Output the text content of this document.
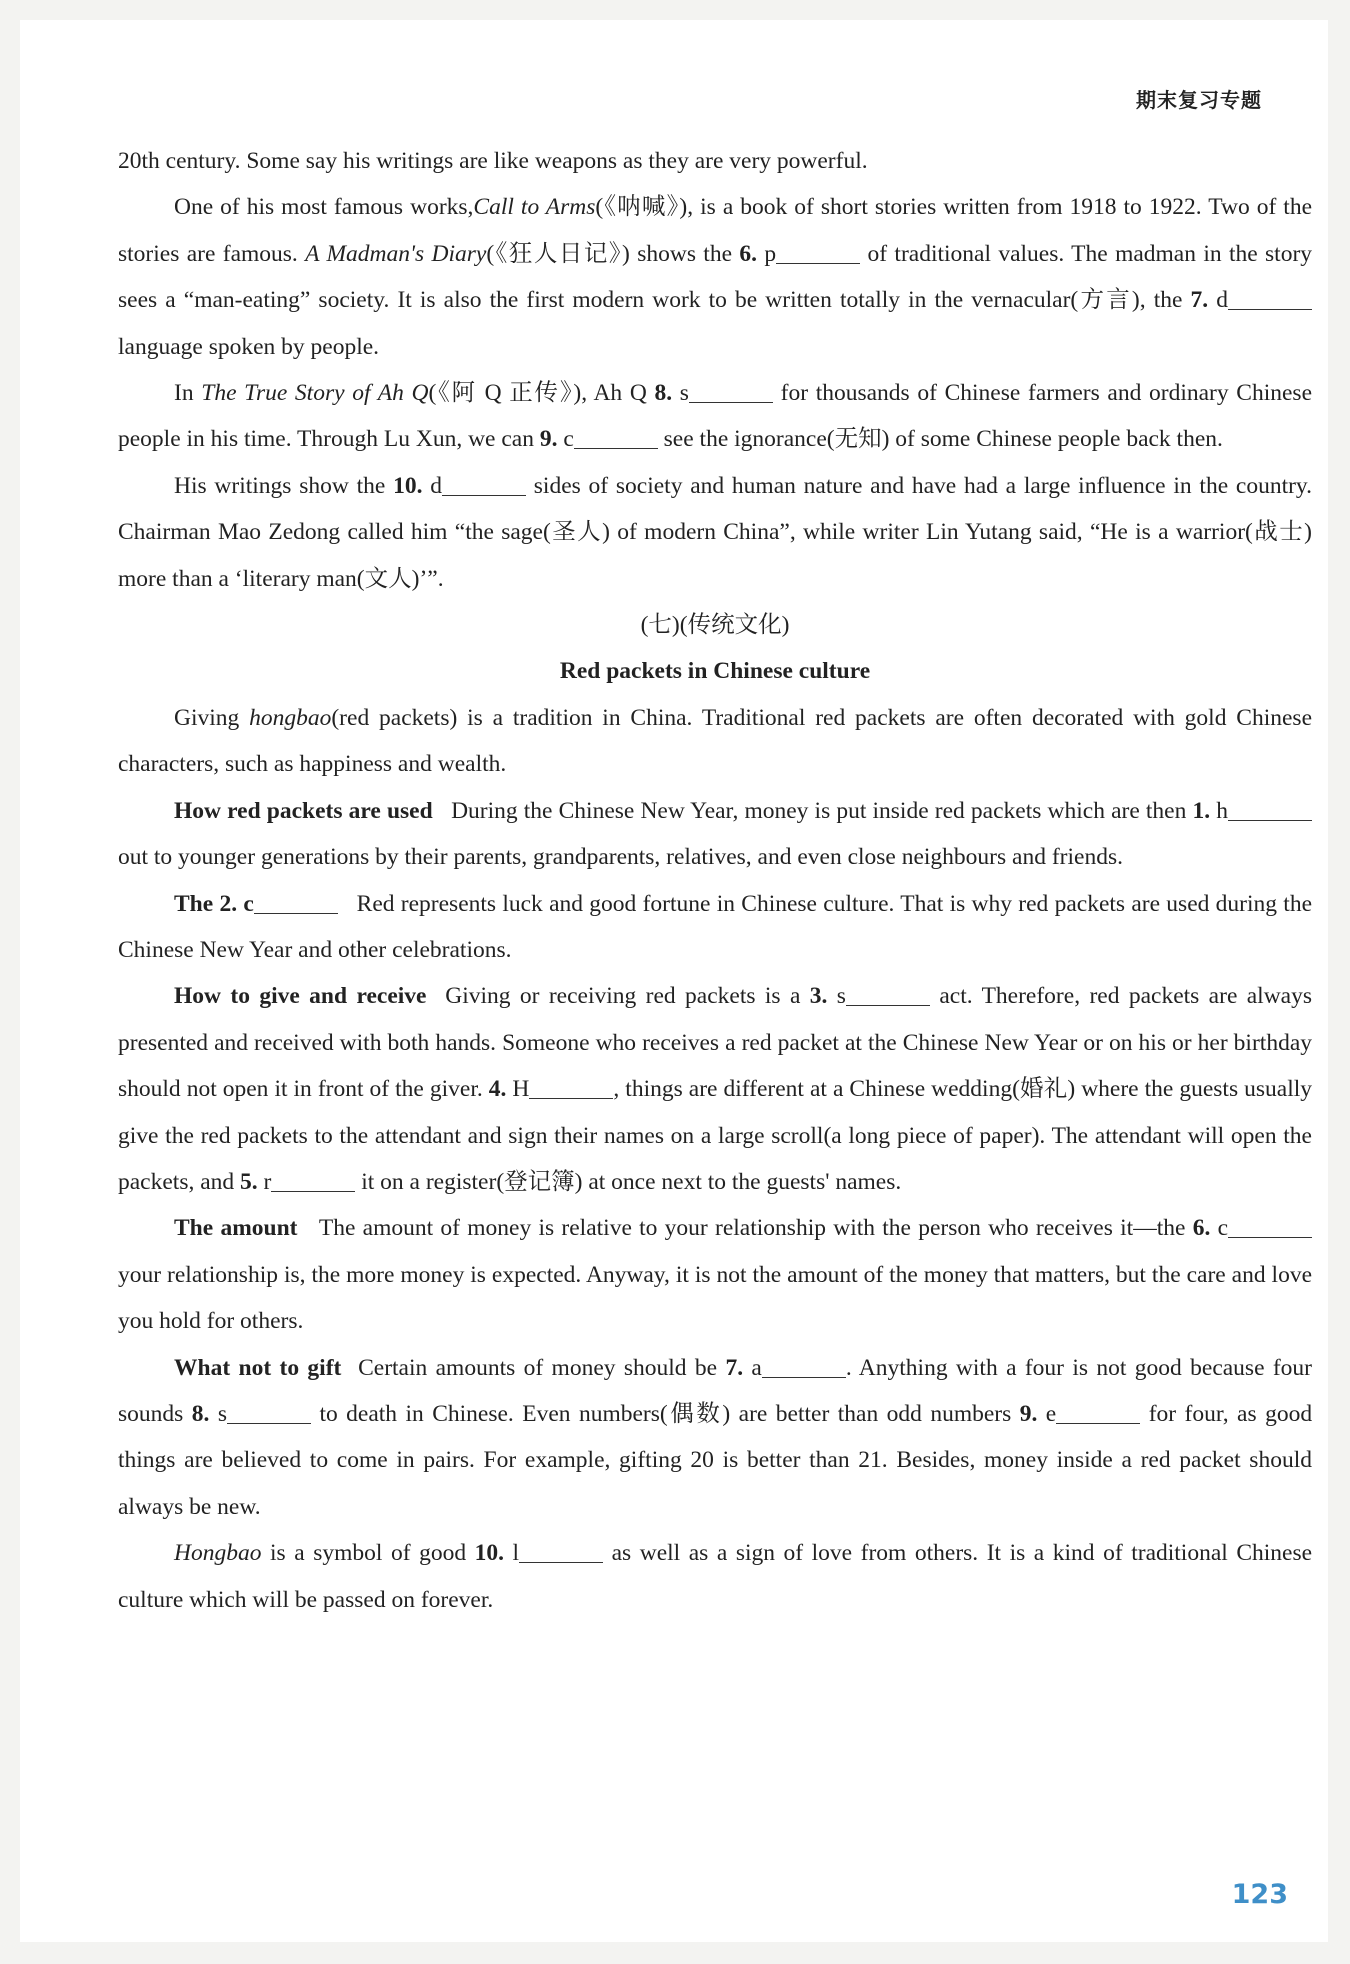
期末复习专题

20th century. Some say his writings are like weapons as they are very powerful.

One of his most famous works,Call to Arms(《呐喊》), is a book of short stories written from 1918 to 1922. Two of the stories are famous. A Madman's Diary(《狂人日记》) shows the 6. p	of traditional values. The madman in the story sees a “man-eating” society. It is also the first modern work to be written totally in the vernacular(方言), the 7. d language spoken by people.

In The True Story of Ah Q(《阿 Q 正传》), Ah Q 8. s	for thousands of Chinese farmers and ordinary Chinese people in his time. Through Lu Xun, we can 9. c	see the ignorance(无知) of some Chinese people back then.

His writings show the 10. d	sides of society and human nature and have had a large influence in the country. Chairman Mao Zedong called him “the sage(圣人) of modern China”, while writer Lin Yutang said, “He is a warrior(战士) more than a ‘literary man(文人)’”.

(七)(传统文化)

Red packets in Chinese culture

Giving hongbao(red packets) is a tradition in China. Traditional red packets are often decorated with gold Chinese characters, such as happiness and wealth.

How red packets are used During the Chinese New Year, money is put inside red packets which are then 1. h out to younger generations by their parents, grandparents, relatives, and even close neighbours and friends.

The 2. c	Red represents luck and good fortune in Chinese culture. That is why red packets are used during the Chinese New Year and other celebrations.

How to give and receive Giving or receiving red packets is a 3. s	act. Therefore, red packets are always presented and received with both hands. Someone who receives a red packet at the Chinese New Year or on his or her birthday should not open it in front of the giver. 4. H	, things are different at a Chinese wedding(婚礼) where the guests usually give the red packets to the attendant and sign their names on a large scroll(a long piece of paper). The attendant will open the packets, and 5. r	it on a register(登记簿) at once next to the guests' names.

The amount The amount of money is relative to your relationship with the person who receives it—the 6. c your relationship is, the more money is expected. Anyway, it is not the amount of the money that matters, but the care and love you hold for others.

What not to gift Certain amounts of money should be 7. a	. Anything with a four is not good because four sounds 8. s	to death in Chinese. Even numbers(偶数) are better than odd numbers 9. e	for four, as good things are believed to come in pairs. For example, gifting 20 is better than 21. Besides, money inside a red packet should always be new.

Hongbao is a symbol of good 10. l	as well as a sign of love from others. It is a kind of traditional Chinese culture which will be passed on forever.

123
